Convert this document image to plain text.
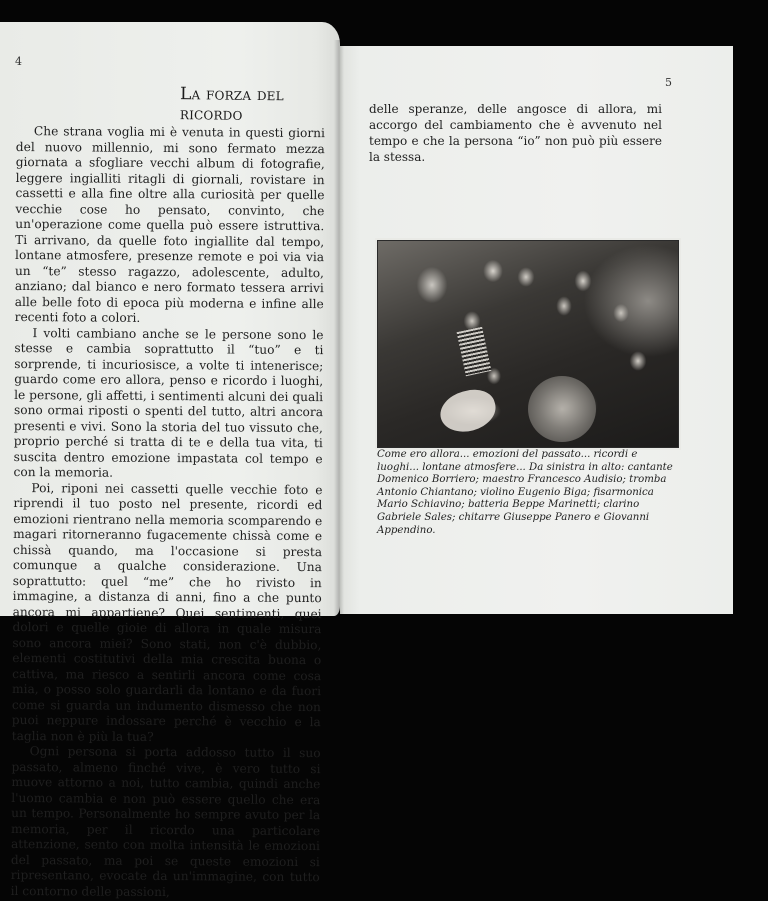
4
La forza del ricordo

Che strana voglia mi è venuta in questi giorni del nuovo millennio, mi sono fermato mezza giornata a sfogliare vecchi album di fotografie, leggere ingialliti ritagli di giornali, rovistare in cassetti e alla fine oltre alla curiosità per quelle vecchie cose ho pensato, convinto, che un'operazione come quella può essere istruttiva. Ti arrivano, da quelle foto ingiallite dal tempo, lontane atmosfere, presenze remote e poi via via un “te” stesso ragazzo, adolescente, adulto, anziano; dal bianco e nero formato tessera arrivi alle belle foto di epoca più moderna e infine alle recenti foto a colori.

I volti cambiano anche se le persone sono le stesse e cambia soprattutto il “tuo” e ti sorprende, ti incuriosisce, a volte ti intenerisce; guardo come ero allora, penso e ricordo i luoghi, le persone, gli affetti, i sentimenti alcuni dei quali sono ormai riposti o spenti del tutto, altri ancora presenti e vivi. Sono la storia del tuo vissuto che, proprio perché si tratta di te e della tua vita, ti suscita dentro emozione impastata col tempo e con la memoria.

Poi, riponi nei cassetti quelle vecchie foto e riprendi il tuo posto nel presente, ricordi ed emozioni rientrano nella memoria scomparendo e magari ritorneranno fugacemente chissà come e chissà quando, ma l'occasione si presta comunque a qualche considerazione. Una soprattutto: quel “me” che ho rivisto in immagine, a distanza di anni, fino a che punto ancora mi appartiene? Quei sentimenti, quei dolori e quelle gioie di allora in quale misura sono ancora miei? Sono stati, non c'è dubbio, elementi costitutivi della mia crescita buona o cattiva, ma riesco a sentirli ancora come cosa mia, o posso solo guardarli da lontano e da fuori come si guarda un indumento dismesso che non puoi neppure indossare perché è vecchio e la taglia non è più la tua?

Ogni persona si porta addosso tutto il suo passato, almeno finché vive, è vero tutto si muove attorno a noi, tutto cambia, quindi anche l'uomo cambia e non può essere quello che era un tempo. Personalmente ho sempre avuto per la memoria, per il ricordo una particolare attenzione, sento con molta intensità le emozioni del passato, ma poi se queste emozioni si ripresentano, evocate da un'immagine, con tutto il contorno delle passioni,

5

delle speranze, delle angosce di allora, mi accorgo del cambiamento che è avvenuto nel tempo e che la persona “io” non può più essere la stessa.

Come ero allora... emozioni del passato... ricordi e luoghi... lontane atmosfere... Da sinistra in alto: cantante Domenico Borriero; maestro Francesco Audisio; tromba Antonio Chiantano; violino Eugenio Biga; fisarmonica Mario Schiavino; batteria Beppe Marinetti; clarino Gabriele Sales; chitarre Giuseppe Panero e Giovanni Appendino.
